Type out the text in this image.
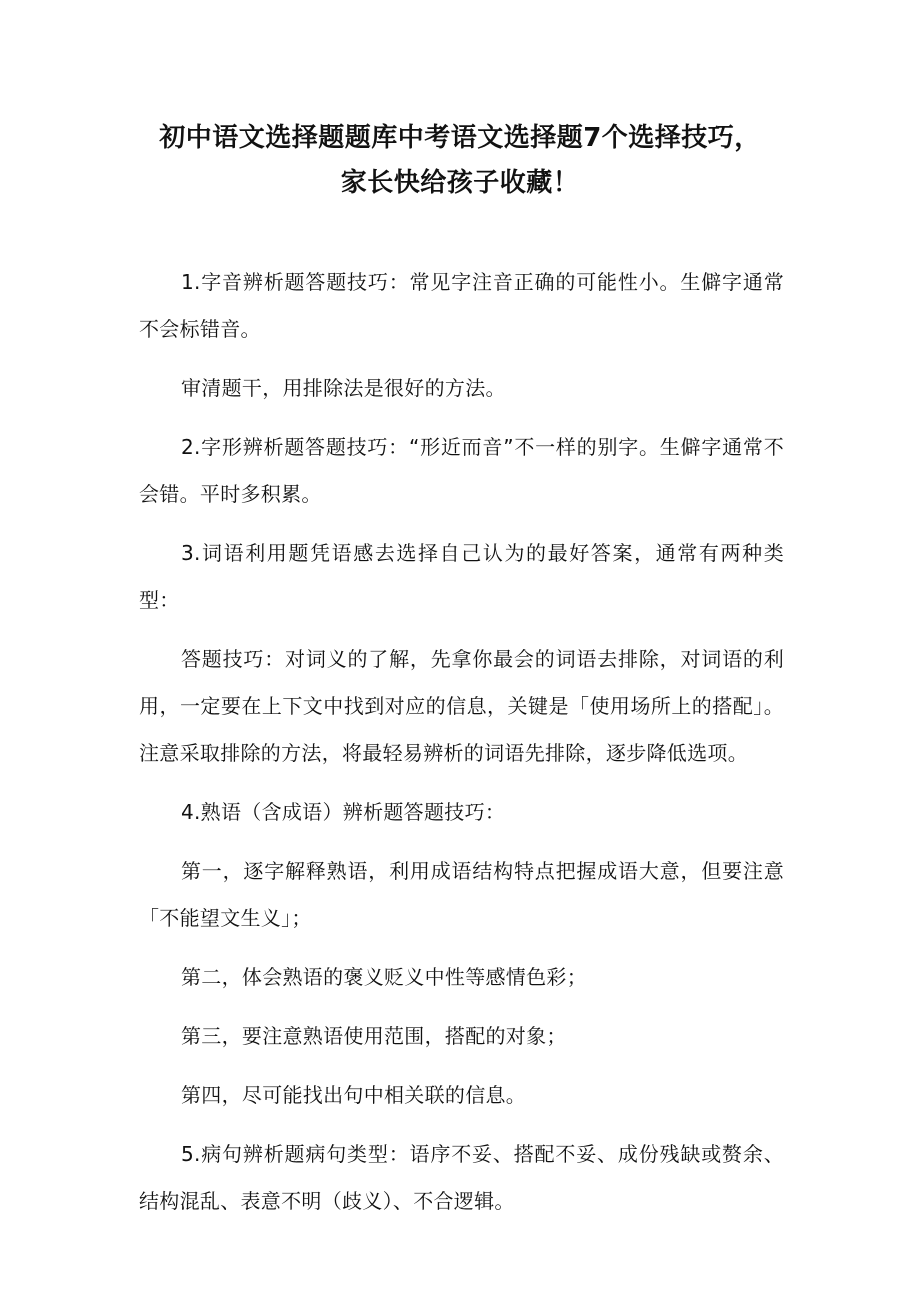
初中语文选择题题库中考语文选择题7个选择技巧，
家长快给孩子收藏！

1.字音辨析题答题技巧：常见字注音正确的可能性小。生僻字通常不会标错音。

审清题干，用排除法是很好的方法。

2.字形辨析题答题技巧：“形近而音”不一样的别字。生僻字通常不会错。平时多积累。

3.词语利用题凭语感去选择自己认为的最好答案，通常有两种类型：

答题技巧：对词义的了解，先拿你最会的词语去排除，对词语的利用，一定要在上下文中找到对应的信息，关键是「使用场所上的搭配」。注意采取排除的方法，将最轻易辨析的词语先排除，逐步降低选项。

4.熟语（含成语）辨析题答题技巧：

第一，逐字解释熟语，利用成语结构特点把握成语大意，但要注意「不能望文生义」；

第二，体会熟语的褒义贬义中性等感情色彩；

第三，要注意熟语使用范围，搭配的对象；

第四，尽可能找出句中相关联的信息。

5.病句辨析题病句类型：语序不妥、搭配不妥、成份残缺或赘余、结构混乱、表意不明（歧义）、不合逻辑。
